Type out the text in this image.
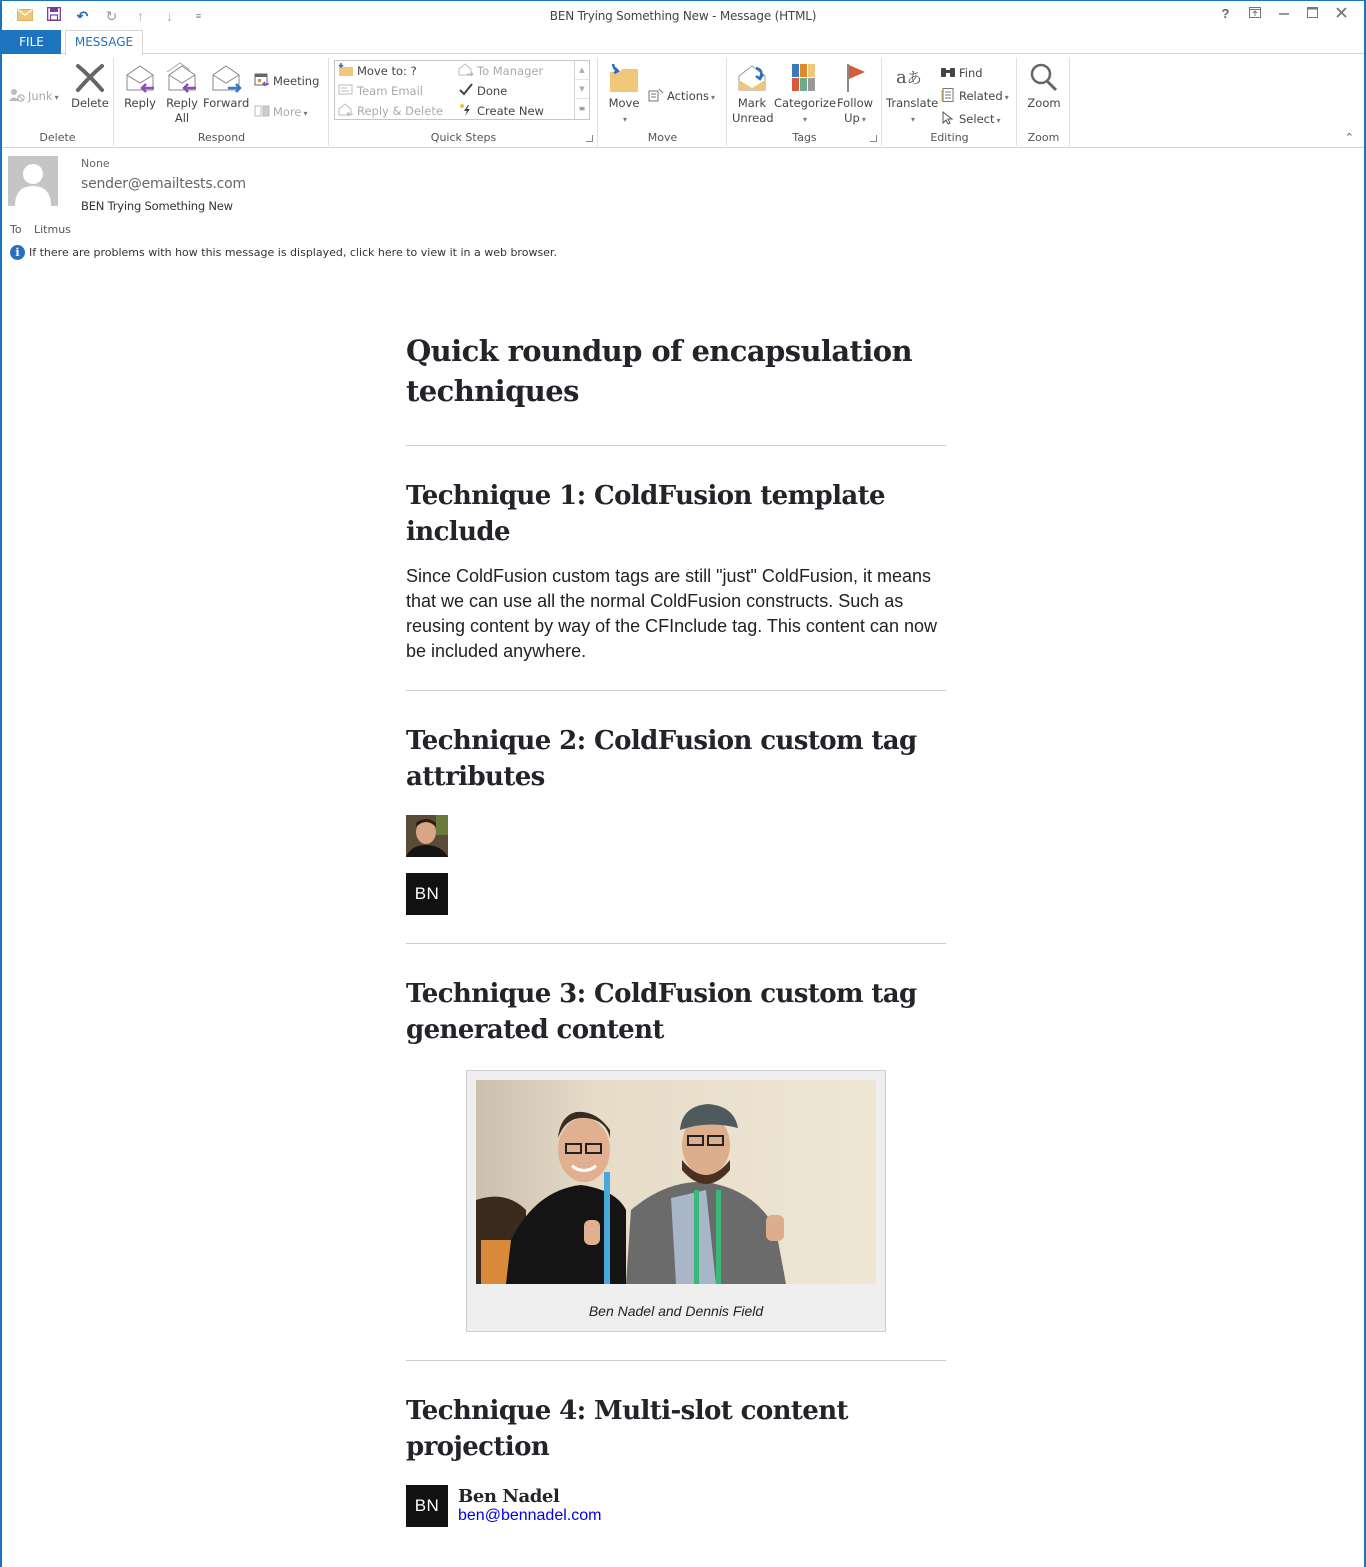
↶	↻	↑	↓	≡	BEN Trying Something New - Message (HTML)	?
FILE	MESSAGE
Junk ▾ Delete
Delete
Reply Reply
All
Forward
Meeting
More ▾
Respond	Quick Steps
Move to: ?
Team Email
Reply & Delete
To Manager
Done
Create New
▲
▼
≡	Move
▾
Actions ▾
Move
Mark
Unread
Categorize
▾
Follow
Up ▾
Tags
aあ
Translate
▾
Find
Related ▾
Select ▾
Editing
Zoom
Zoom	⌃
None
sender@emailtests.com
BEN Trying Something New
To Litmus
i If there are problems with how this message is displayed, click here to view it in a web browser.
Quick roundup of encapsulation techniques
Technique 1: ColdFusion template include

Since ColdFusion custom tags are still "just" ColdFusion, it means that we can use all the normal ColdFusion constructs. Such as reusing content by way of the CFInclude tag. This content can now be included anywhere.

Technique 2: ColdFusion custom tag attributes
BN
Technique 3: ColdFusion custom tag generated content
Ben Nadel and Dennis Field
Technique 4: Multi-slot content projection
BN	Ben Nadel
ben@bennadel.com
